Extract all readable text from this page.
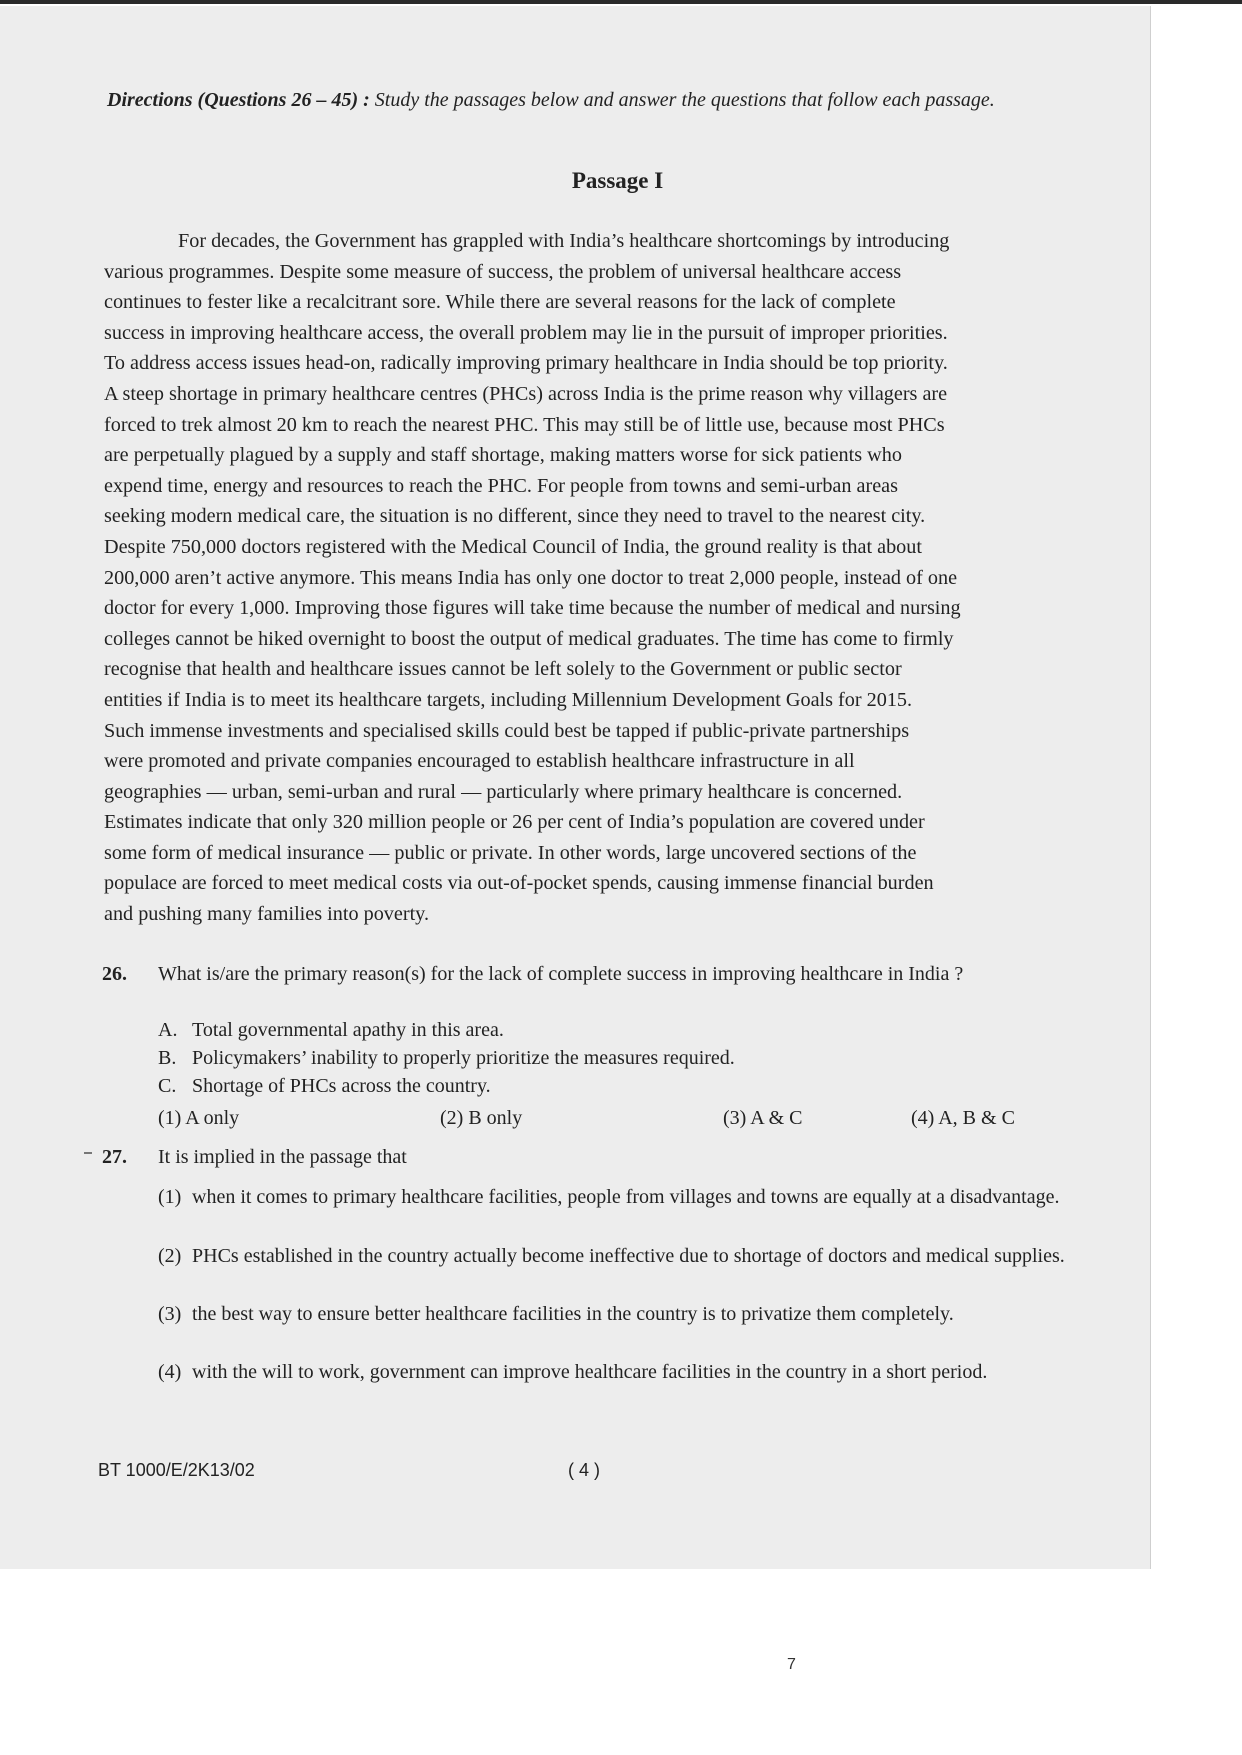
Directions (Questions 26 – 45) : Study the passages below and answer the questions that follow each passage.
Passage I
For decades, the Government has grappled with India’s healthcare shortcomings by introducing
various programmes. Despite some measure of success, the problem of universal healthcare access
continues to fester like a recalcitrant sore. While there are several reasons for the lack of complete
success in improving healthcare access, the overall problem may lie in the pursuit of improper priorities.
To address access issues head-on, radically improving primary healthcare in India should be top priority.
A steep shortage in primary healthcare centres (PHCs) across India is the prime reason why villagers are
forced to trek almost 20 km to reach the nearest PHC. This may still be of little use, because most PHCs
are perpetually plagued by a supply and staff shortage, making matters worse for sick patients who
expend time, energy and resources to reach the PHC. For people from towns and semi-urban areas
seeking modern medical care, the situation is no different, since they need to travel to the nearest city.
Despite 750,000 doctors registered with the Medical Council of India, the ground reality is that about
200,000 aren’t active anymore. This means India has only one doctor to treat 2,000 people, instead of one
doctor for every 1,000. Improving those figures will take time because the number of medical and nursing
colleges cannot be hiked overnight to boost the output of medical graduates. The time has come to firmly
recognise that health and healthcare issues cannot be left solely to the Government or public sector
entities if India is to meet its healthcare targets, including Millennium Development Goals for 2015.
Such immense investments and specialised skills could best be tapped if public-private partnerships
were promoted and private companies encouraged to establish healthcare infrastructure in all
geographies — urban, semi-urban and rural — particularly where primary healthcare is concerned.
Estimates indicate that only 320 million people or 26 per cent of India’s population are covered under
some form of medical insurance — public or private. In other words, large uncovered sections of the
populace are forced to meet medical costs via out-of-pocket spends, causing immense financial burden
and pushing many families into poverty.
26. What is/are the primary reason(s) for the lack of complete success in improving healthcare in India ?
A. Total governmental apathy in this area.
B. Policymakers’ inability to properly prioritize the measures required.
C. Shortage of PHCs across the country.
(1) A only	(2) B only	(3) A & C	(4) A, B & C
27. It is implied in the passage that
(1) when it comes to primary healthcare facilities, people from villages and towns are equally at a disadvantage.
(2) PHCs established in the country actually become ineffective due to shortage of doctors and medical supplies.
(3) the best way to ensure better healthcare facilities in the country is to privatize them completely.
(4) with the will to work, government can improve healthcare facilities in the country in a short period.
BT 1000/E/2K13/02	( 4 )
7
